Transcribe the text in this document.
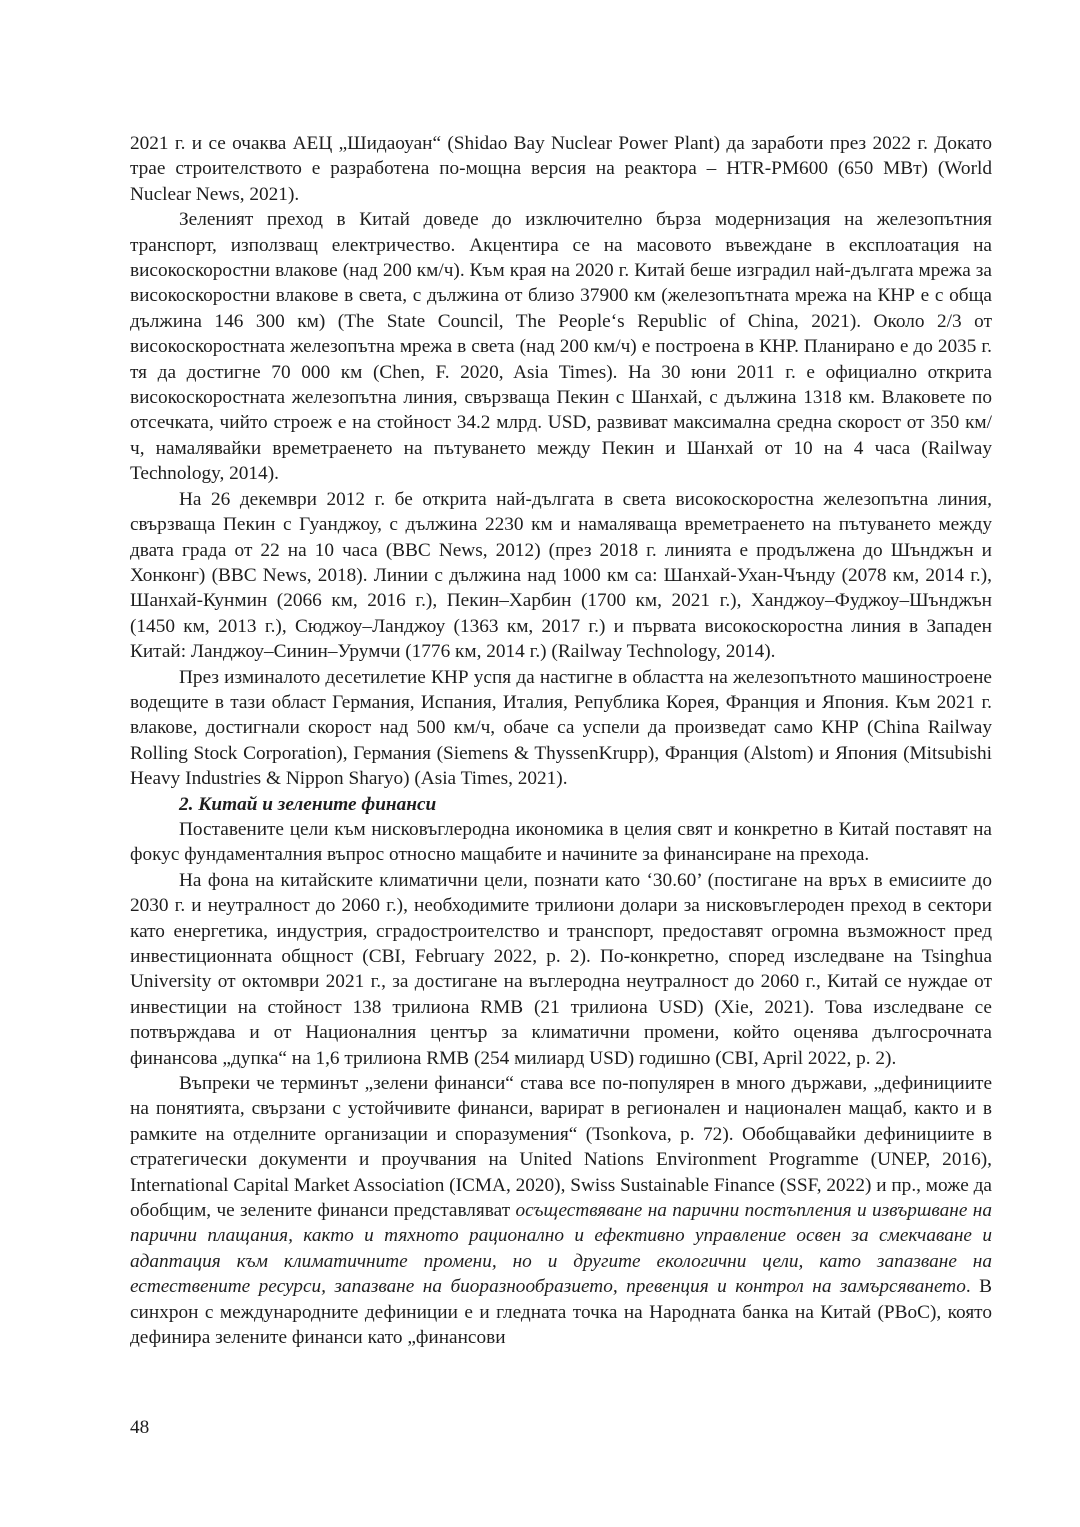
2021 г. и се очаква АЕЦ „Шидаоуан“ (Shidao Bay Nuclear Power Plant) да заработи през 2022 г. Докато трае строителството е разработена по-мощна версия на реактора – HTR-PM600 (650 МВт) (World Nuclear News, 2021).

Зеленият преход в Китай доведе до изключително бърза модернизация на железопътния транспорт, използващ електричество. Акцентира се на масовото въвеждане в експлоатация на високоскоростни влакове (над 200 км/ч). Към края на 2020 г. Китай беше изградил най-дългата мрежа за високоскоростни влакове в света, с дължина от близо 37900 км (железопътната мрежа на КНР е с обща дължина 146 300 км) (The State Council, The People‘s Republic of China, 2021). Около 2/3 от високоскоростната железопътна мрежа в света (над 200 км/ч) е построена в КНР. Планирано е до 2035 г. тя да достигне 70 000 км (Chen, F. 2020, Asia Times). На 30 юни 2011 г. е официално открита високоскоростната железопътна линия, свързваща Пекин с Шанхай, с дължина 1318 км. Влаковете по отсечката, чийто строеж е на стойност 34.2 млрд. USD, развиват максимална средна скорост от 350 км/ч, намалявайки времетраенето на пътуването между Пекин и Шанхай от 10 на 4 часа (Railway Technology, 2014).

На 26 декември 2012 г. бе открита най-дългата в света високоскоростна железопътна линия, свързваща Пекин с Гуанджоу, с дължина 2230 км и намаляваща времетраенето на пътуването между двата града от 22 на 10 часа (BBC News, 2012) (през 2018 г. линията е продължена до Шънджън и Хонконг) (BBC News, 2018). Линии с дължина над 1000 км са: Шанхай-Ухан-Чънду (2078 км, 2014 г.), Шанхай-Кунмин (2066 км, 2016 г.), Пекин–Харбин (1700 км, 2021 г.), Ханджоу–Фуджоу–Шънджън (1450 км, 2013 г.), Сюджоу–Ланджоу (1363 км, 2017 г.) и първата високоскоростна линия в Западен Китай: Ланджоу–Синин–Урумчи (1776 км, 2014 г.) (Railway Technology, 2014).

През изминалото десетилетие КНР успя да настигне в областта на железопътното машиностроене водещите в тази област Германия, Испания, Италия, Република Корея, Франция и Япония. Към 2021 г. влакове, достигнали скорост над 500 км/ч, обаче са успели да произведат само КНР (China Railway Rolling Stock Corporation), Германия (Siemens & ThyssenKrupp), Франция (Alstom) и Япония (Mitsubishi Heavy Industries & Nippon Sharyo) (Asia Times, 2021).

2. Китай и зелените финанси

Поставените цели към нисковъглеродна икономика в целия свят и конкретно в Китай поставят на фокус фундаменталния въпрос относно мащабите и начините за финансиране на прехода.

На фона на китайските климатични цели, познати като ‘30.60’ (постигане на връх в емисиите до 2030 г. и неутралност до 2060 г.), необходимите трилиони долари за нисковъглероден преход в сектори като енергетика, индустрия, сградостроителство и транспорт, предоставят огромна възможност пред инвестиционната общност (CBI, February 2022, p. 2). По-конкретно, според изследване на Tsinghua University от октомври 2021 г., за достигане на въглеродна неутралност до 2060 г., Китай се нуждае от инвестиции на стойност 138 трилиона RMB (21 трилиона USD) (Xie, 2021). Това изследване се потвърждава и от Националния център за климатични промени, който оценява дългосрочната финансова „дупка“ на 1,6 трилиона RMB (254 милиард USD) годишно (CBI, April 2022, p. 2).

Въпреки че терминът „зелени финанси“ става все по-популярен в много държави, „дефинициите на понятията, свързани с устойчивите финанси, варират в регионален и национален мащаб, както и в рамките на отделните организации и споразумения“ (Tsonkova, p. 72). Обобщавайки дефинициите в стратегически документи и проучвания на United Nations Environment Programme (UNEP, 2016), International Capital Market Association (ICMA, 2020), Swiss Sustainable Finance (SSF, 2022) и пр., може да обобщим, че зелените финанси представляват осъществяване на парични постъпления и извършване на парични плащания, както и тяхното рационално и ефективно управление освен за смекчаване и адаптация към климатичните промени, но и другите екологични цели, като запазване на естествените ресурси, запазване на биоразнообразието, превенция и контрол на замърсяването. В синхрон с международните дефиниции е и гледната точка на Народната банка на Китай (PBoC), която дефинира зелените финанси като „финансови

48
